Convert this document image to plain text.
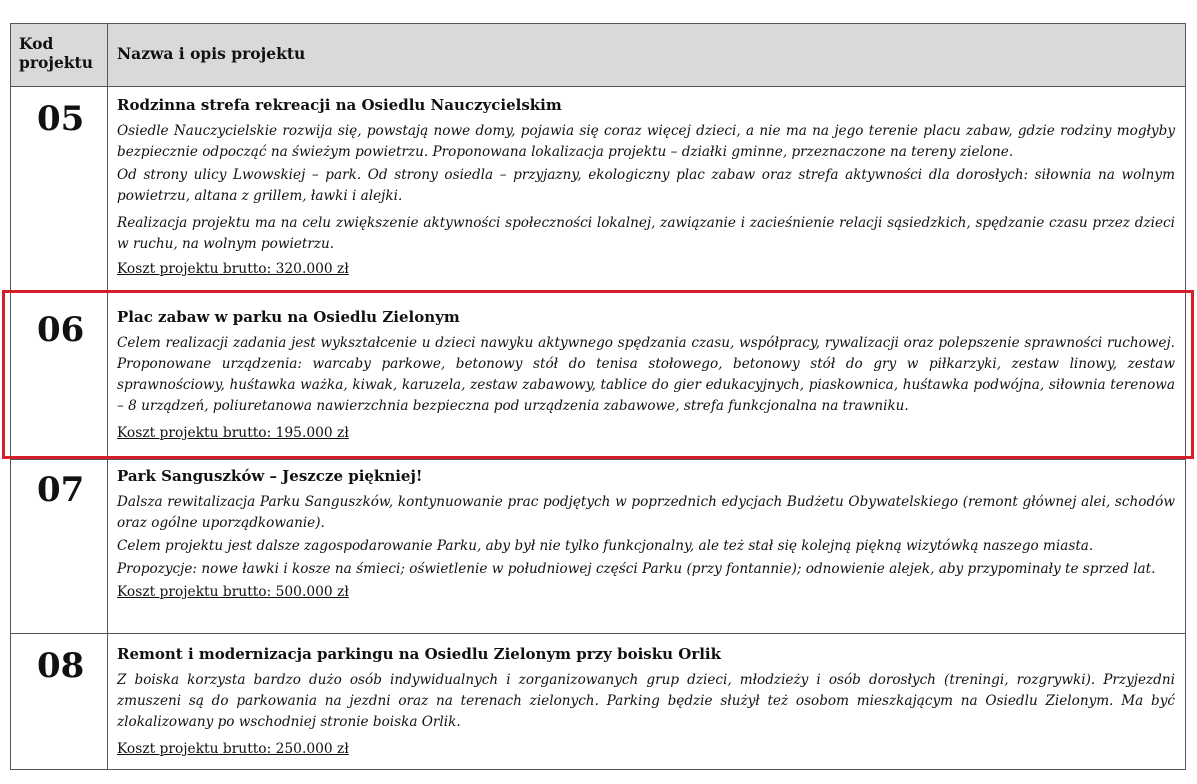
Kod projektu	Nazwa i opis projektu
05 Rodzinna strefa rekreacji na Osiedlu Nauczycielskim
Osiedle Nauczycielskie rozwija się, powstają nowe domy, pojawia się coraz więcej dzieci, a nie ma na jego terenie placu zabaw, gdzie rodziny mogłyby bezpiecznie odpocząć na świeżym powietrzu. Proponowana lokalizacja projektu – działki gminne, przeznaczone na tereny zielone.
Od strony ulicy Lwowskiej – park. Od strony osiedla – przyjazny, ekologiczny plac zabaw oraz strefa aktywności dla dorosłych: siłownia na wolnym powietrzu, altana z grillem, ławki i alejki.
Realizacja projektu ma na celu zwiększenie aktywności społeczności lokalnej, zawiązanie i zacieśnienie relacji sąsiedzkich, spędzanie czasu przez dzieci w ruchu, na wolnym powietrzu.
Koszt projektu brutto: 320.000 zł
06 Plac zabaw w parku na Osiedlu Zielonym
Celem realizacji zadania jest wykształcenie u dzieci nawyku aktywnego spędzania czasu, współpracy, rywalizacji oraz polepszenie sprawności ruchowej. Proponowane urządzenia: warcaby parkowe, betonowy stół do tenisa stołowego, betonowy stół do gry w piłkarzyki, zestaw linowy, zestaw sprawnościowy, huśtawka ważka, kiwak, karuzela, zestaw zabawowy, tablice do gier edukacyjnych, piaskownica, huśtawka podwójna, siłownia terenowa – 8 urządzeń, poliuretanowa nawierzchnia bezpieczna pod urządzenia zabawowe, strefa funkcjonalna na trawniku.
Koszt projektu brutto: 195.000 zł
07 Park Sanguszków – Jeszcze piękniej!
Dalsza rewitalizacja Parku Sanguszków, kontynuowanie prac podjętych w poprzednich edycjach Budżetu Obywatelskiego (remont głównej alei, schodów oraz ogólne uporządkowanie).
Celem projektu jest dalsze zagospodarowanie Parku, aby był nie tylko funkcjonalny, ale też stał się kolejną piękną wizytówką naszego miasta.
Propozycje: nowe ławki i kosze na śmieci; oświetlenie w południowej części Parku (przy fontannie); odnowienie alejek, aby przypominały te sprzed lat.
Koszt projektu brutto: 500.000 zł
08 Remont i modernizacja parkingu na Osiedlu Zielonym przy boisku Orlik
Z boiska korzysta bardzo dużo osób indywidualnych i zorganizowanych grup dzieci, młodzieży i osób dorosłych (treningi, rozgrywki). Przyjezdni zmuszeni są do parkowania na jezdni oraz na terenach zielonych. Parking będzie służył też osobom mieszkającym na Osiedlu Zielonym. Ma być zlokalizowany po wschodniej stronie boiska Orlik.
Koszt projektu brutto: 250.000 zł
